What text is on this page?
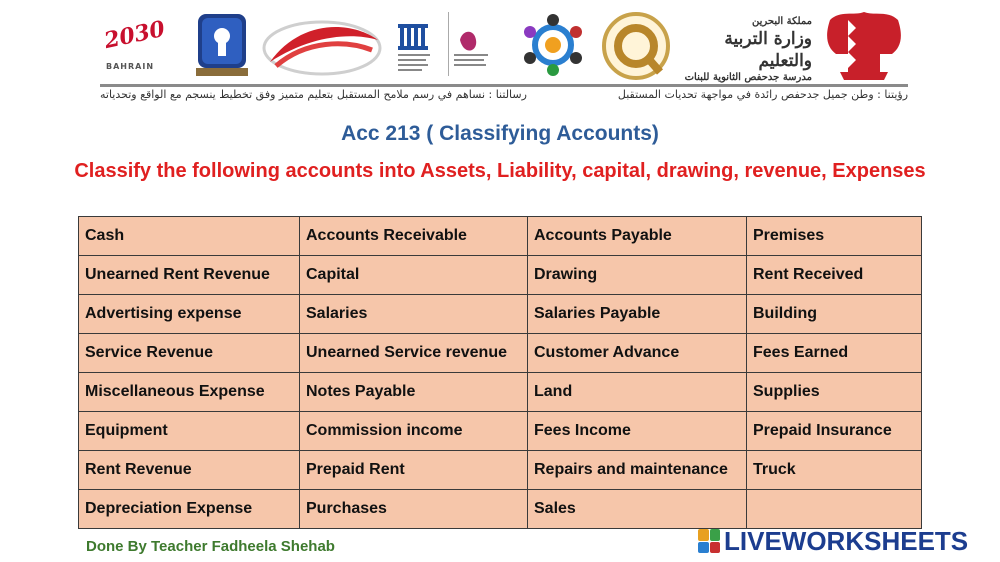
2030
BAHRAIN
مملكة البحرين
وزارة التربية والتعليم
مدرسة جدحفص الثانوية للبنات
رسالتنا : نساهم في رسم ملامح المستقبل بتعليم متميز وفق تخطيط ينسجم مع الواقع وتحدياته	رؤيتنا : وطن جميل جدحفص رائدة في مواجهة تحديات المستقبل
Acc 213 ( Classifying Accounts)
Classify the following accounts into Assets, Liability, capital, drawing, revenue, Expenses
Cash	Accounts Receivable	Accounts Payable	Premises
Unearned Rent Revenue	Capital	Drawing	Rent Received
Advertising expense	Salaries	Salaries Payable	Building
Service Revenue	Unearned Service revenue	Customer Advance	Fees Earned
Miscellaneous Expense	Notes Payable	Land	Supplies
Equipment	Commission income	Fees Income	Prepaid Insurance
Rent Revenue	Prepaid Rent	Repairs and maintenance	Truck
Depreciation Expense	Purchases	Sales	
Done By Teacher Fadheela Shehab	LIVEWORKSHEETS
